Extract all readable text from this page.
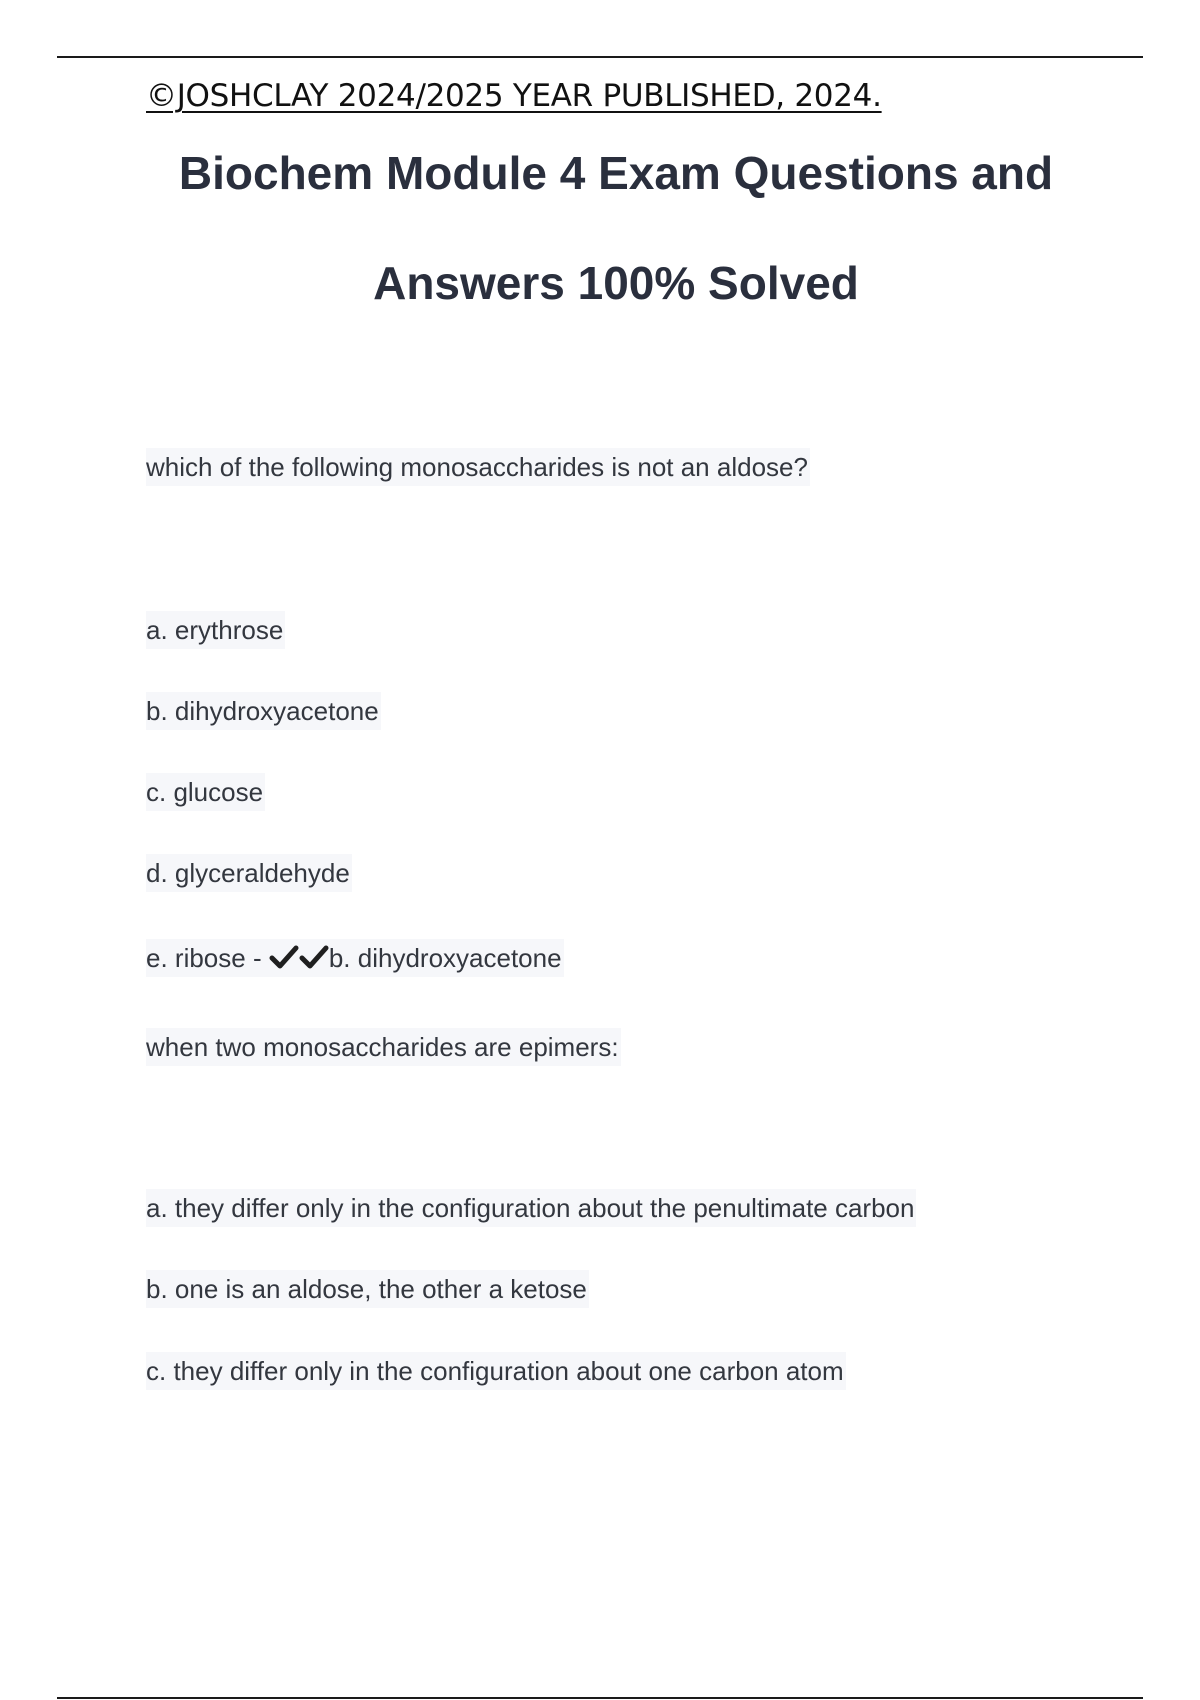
©JOSHCLAY 2024/2025 YEAR PUBLISHED, 2024.
Biochem Module 4 Exam Questions and
Answers 100% Solved
which of the following monosaccharides is not an aldose?
a. erythrose
b. dihydroxyacetone
c. glucose
d. glyceraldehyde
e. ribose -	b. dihydroxyacetone
when two monosaccharides are epimers:
a. they differ only in the configuration about the penultimate carbon
b. one is an aldose, the other a ketose
c. they differ only in the configuration about one carbon atom
